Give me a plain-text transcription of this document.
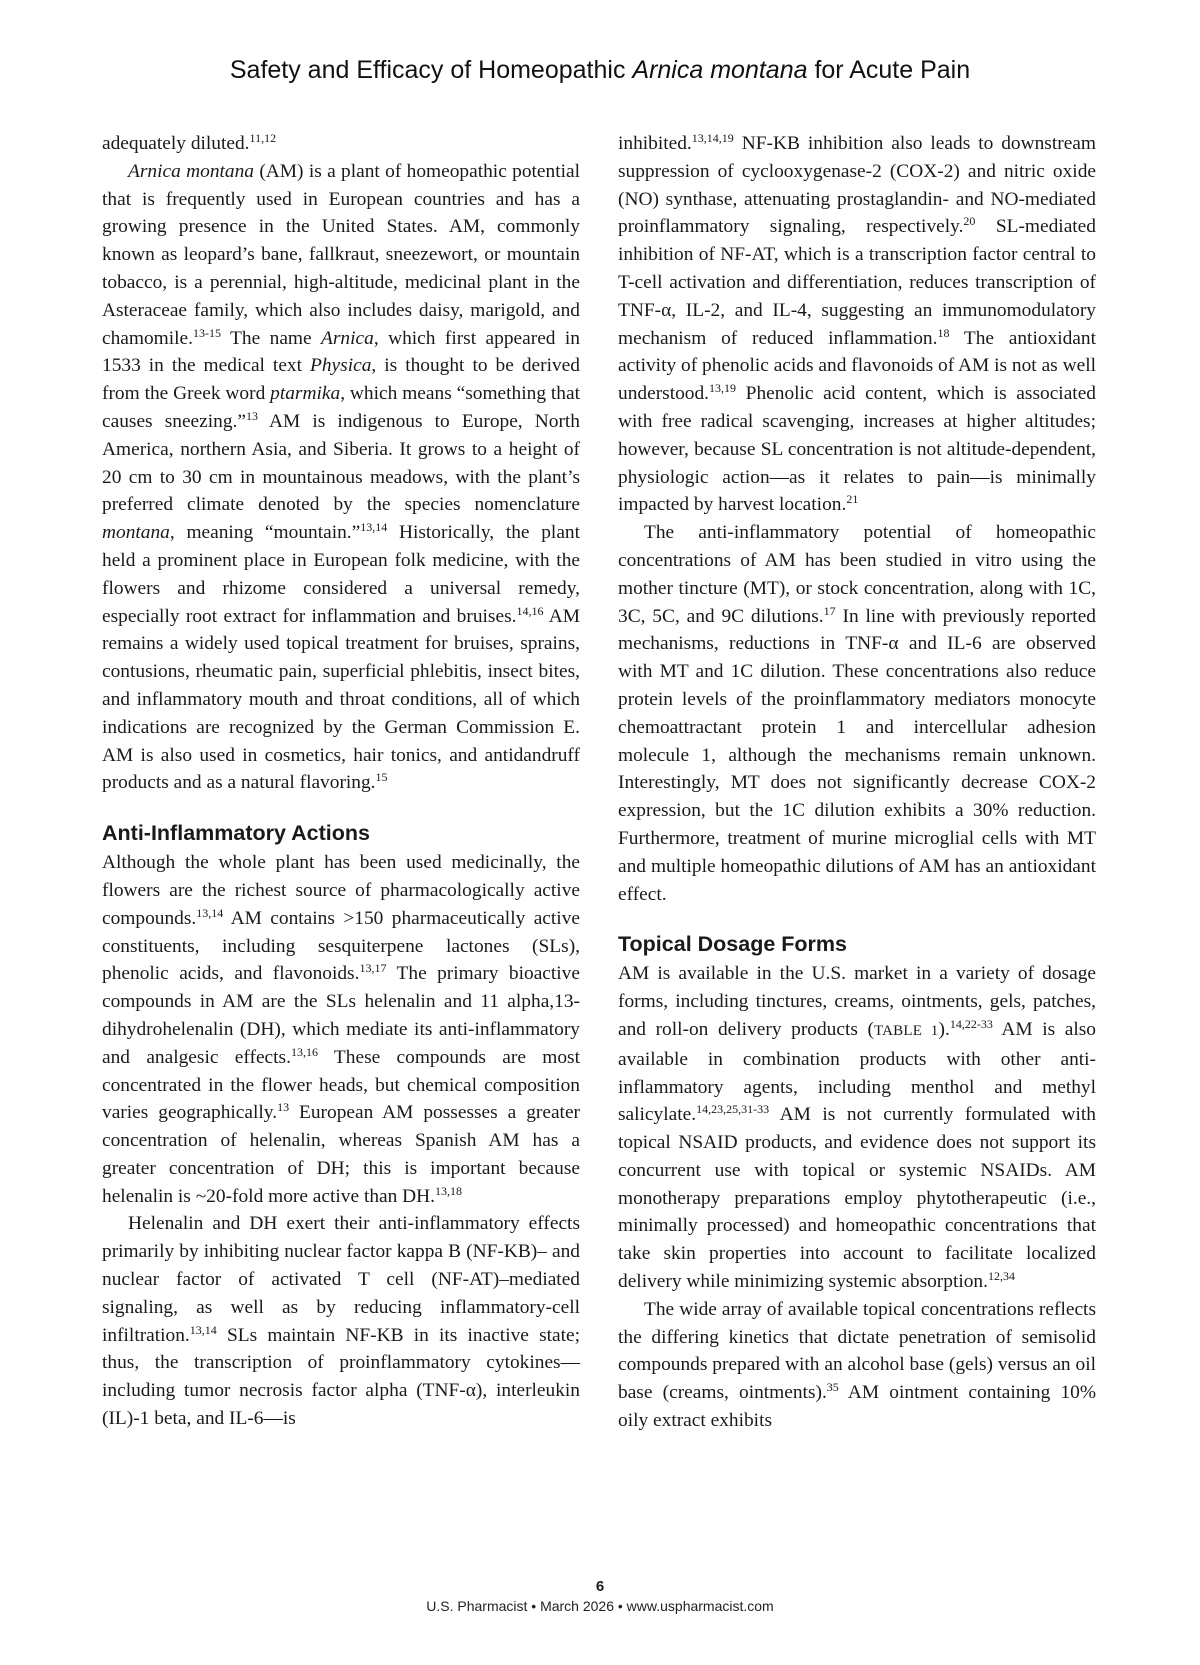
Safety and Efficacy of Homeopathic Arnica montana for Acute Pain

adequately diluted.$^{11,12}$

Arnica montana (AM) is a plant of homeopathic potential that is frequently used in European countries and has a growing presence in the United States. AM, commonly known as leopard’s bane, fallkraut, sneezewort, or mountain tobacco, is a perennial, high-altitude, medicinal plant in the Asteraceae family, which also includes daisy, marigold, and chamomile.$^{13-15}$ The name Arnica, which first appeared in 1533 in the medical text Physica, is thought to be derived from the Greek word ptarmika, which means “something that causes sneezing.”$^{13}$ AM is indigenous to Europe, North America, northern Asia, and Siberia. It grows to a height of 20 cm to 30 cm in mountainous meadows, with the plant’s preferred climate denoted by the species nomenclature montana, meaning “mountain.”$^{13,14}$ Historically, the plant held a prominent place in European folk medicine, with the flowers and rhizome considered a universal remedy, especially root extract for inflammation and bruises.$^{14,16}$ AM remains a widely used topical treatment for bruises, sprains, contusions, rheumatic pain, superficial phlebitis, insect bites, and inflammatory mouth and throat conditions, all of which indications are recognized by the German Commission E. AM is also used in cosmetics, hair tonics, and antidandruff products and as a natural flavoring.$^{15}$

Anti-Inflammatory Actions

Although the whole plant has been used medicinally, the flowers are the richest source of pharmacologically active compounds.$^{13,14}$ AM contains >150 pharmaceutically active constituents, including sesquiterpene lactones (SLs), phenolic acids, and flavonoids.$^{13,17}$ The primary bioactive compounds in AM are the SLs helenalin and 11 alpha,13-dihydrohelenalin (DH), which mediate its anti-inflammatory and analgesic effects.$^{13,16}$ These compounds are most concentrated in the flower heads, but chemical composition varies geographically.$^{13}$ European AM possesses a greater concentration of helenalin, whereas Spanish AM has a greater concentration of DH; this is important because helenalin is ~20-fold more active than DH.$^{13,18}$

Helenalin and DH exert their anti-inflammatory effects primarily by inhibiting nuclear factor kappa B (NF-KB)– and nuclear factor of activated T cell (NF-AT)–mediated signaling, as well as by reducing inflammatory-cell infiltration.$^{13,14}$ SLs maintain NF-KB in its inactive state; thus, the transcription of proinflammatory cytokines—including tumor necrosis factor alpha (TNF-α), interleukin (IL)-1 beta, and IL-6—is

inhibited.$^{13,14,19}$ NF-KB inhibition also leads to downstream suppression of cyclooxygenase-2 (COX-2) and nitric oxide (NO) synthase, attenuating prostaglandin- and NO-mediated proinflammatory signaling, respectively.$^{20}$ SL-mediated inhibition of NF-AT, which is a transcription factor central to T-cell activation and differentiation, reduces transcription of TNF-α, IL-2, and IL-4, suggesting an immunomodulatory mechanism of reduced inflammation.$^{18}$ The antioxidant activity of phenolic acids and flavonoids of AM is not as well understood.$^{13,19}$ Phenolic acid content, which is associated with free radical scavenging, increases at higher altitudes; however, because SL concentration is not altitude-dependent, physiologic action—as it relates to pain—is minimally impacted by harvest location.$^{21}$

The anti-inflammatory potential of homeopathic concentrations of AM has been studied in vitro using the mother tincture (MT), or stock concentration, along with 1C, 3C, 5C, and 9C dilutions.$^{17}$ In line with previously reported mechanisms, reductions in TNF-α and IL-6 are observed with MT and 1C dilution. These concentrations also reduce protein levels of the proinflammatory mediators monocyte chemoattractant protein 1 and intercellular adhesion molecule 1, although the mechanisms remain unknown. Interestingly, MT does not significantly decrease COX-2 expression, but the 1C dilution exhibits a 30% reduction. Furthermore, treatment of murine microglial cells with MT and multiple homeopathic dilutions of AM has an antioxidant effect.

Topical Dosage Forms

AM is available in the U.S. market in a variety of dosage forms, including tinctures, creams, ointments, gels, patches, and roll-on delivery products (TABLE 1).$^{14,22-33}$ AM is also available in combination products with other anti-inflammatory agents, including menthol and methyl salicylate.$^{14,23,25,31-33}$ AM is not currently formulated with topical NSAID products, and evidence does not support its concurrent use with topical or systemic NSAIDs. AM monotherapy preparations employ phytotherapeutic (i.e., minimally processed) and homeopathic concentrations that take skin properties into account to facilitate localized delivery while minimizing systemic absorption.$^{12,34}$

The wide array of available topical concentrations reflects the differing kinetics that dictate penetration of semisolid compounds prepared with an alcohol base (gels) versus an oil base (creams, ointments).$^{35}$ AM ointment containing 10% oily extract exhibits

6
U.S. Pharmacist • March 2026 • www.uspharmacist.com
